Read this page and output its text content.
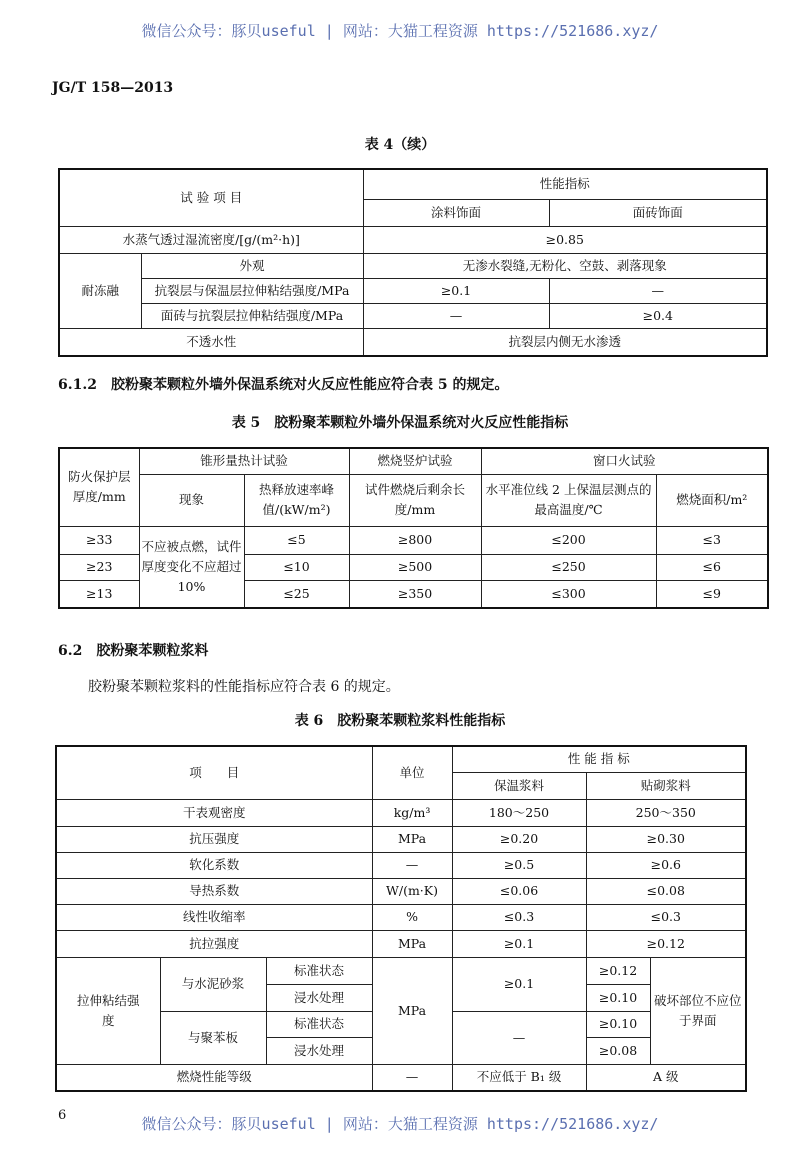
微信公众号：豚贝useful | 网站：大猫工程资源 https://521686.xyz/
JG/T 158—2013
表 4（续）
试 验 项 目		性能指标	
		涂料饰面	面砖饰面
水蒸气透过湿流密度/[g/(m²·h)]		≥0.85	
耐冻融	外观	无渗水裂缝,无粉化、空鼓、剥落现象	
	抗裂层与保温层拉伸粘结强度/MPa	≥0.1	—
	面砖与抗裂层拉伸粘结强度/MPa	—	≥0.4
不透水性		抗裂层内侧无水渗透	
6.1.2　胶粉聚苯颗粒外墙外保温系统对火反应性能应符合表 5 的规定。
表 5　胶粉聚苯颗粒外墙外保温系统对火反应性能指标
防火保护层厚度/mm	锥形量热计试验		燃烧竖炉试验	窗口火试验	
	现象	热释放速率峰值/(kW/m²)	试件燃烧后剩余长度/mm	水平准位线 2 上保温层测点的最高温度/℃	燃烧面积/m²
≥33	不应被点燃，试件厚度变化不应超过 10%	≤5	≥800	≤200	≤3
≥23		≤10	≥500	≤250	≤6
≥13		≤25	≥350	≤300	≤9
6.2　胶粉聚苯颗粒浆料
胶粉聚苯颗粒浆料的性能指标应符合表 6 的规定。
表 6　胶粉聚苯颗粒浆料性能指标
项　　目			单位	性 能 指 标		
				保温浆料	贴砌浆料	
干表观密度			kg/m³	180～250	250～350	
抗压强度			MPa	≥0.20	≥0.30	
软化系数			—	≥0.5	≥0.6	
导热系数			W/(m·K)	≤0.06	≤0.08	
线性收缩率			%	≤0.3	≤0.3	
抗拉强度			MPa	≥0.1	≥0.12	
拉伸粘结强度	与水泥砂浆	标准状态	MPa	≥0.1	≥0.12	破坏部位不应位于界面
		浸水处理			≥0.10	
	与聚苯板	标准状态		—	≥0.10	
		浸水处理			≥0.08	
燃烧性能等级			—	不应低于 B₁ 级	A 级	
6	微信公众号：豚贝useful | 网站：大猫工程资源 https://521686.xyz/
